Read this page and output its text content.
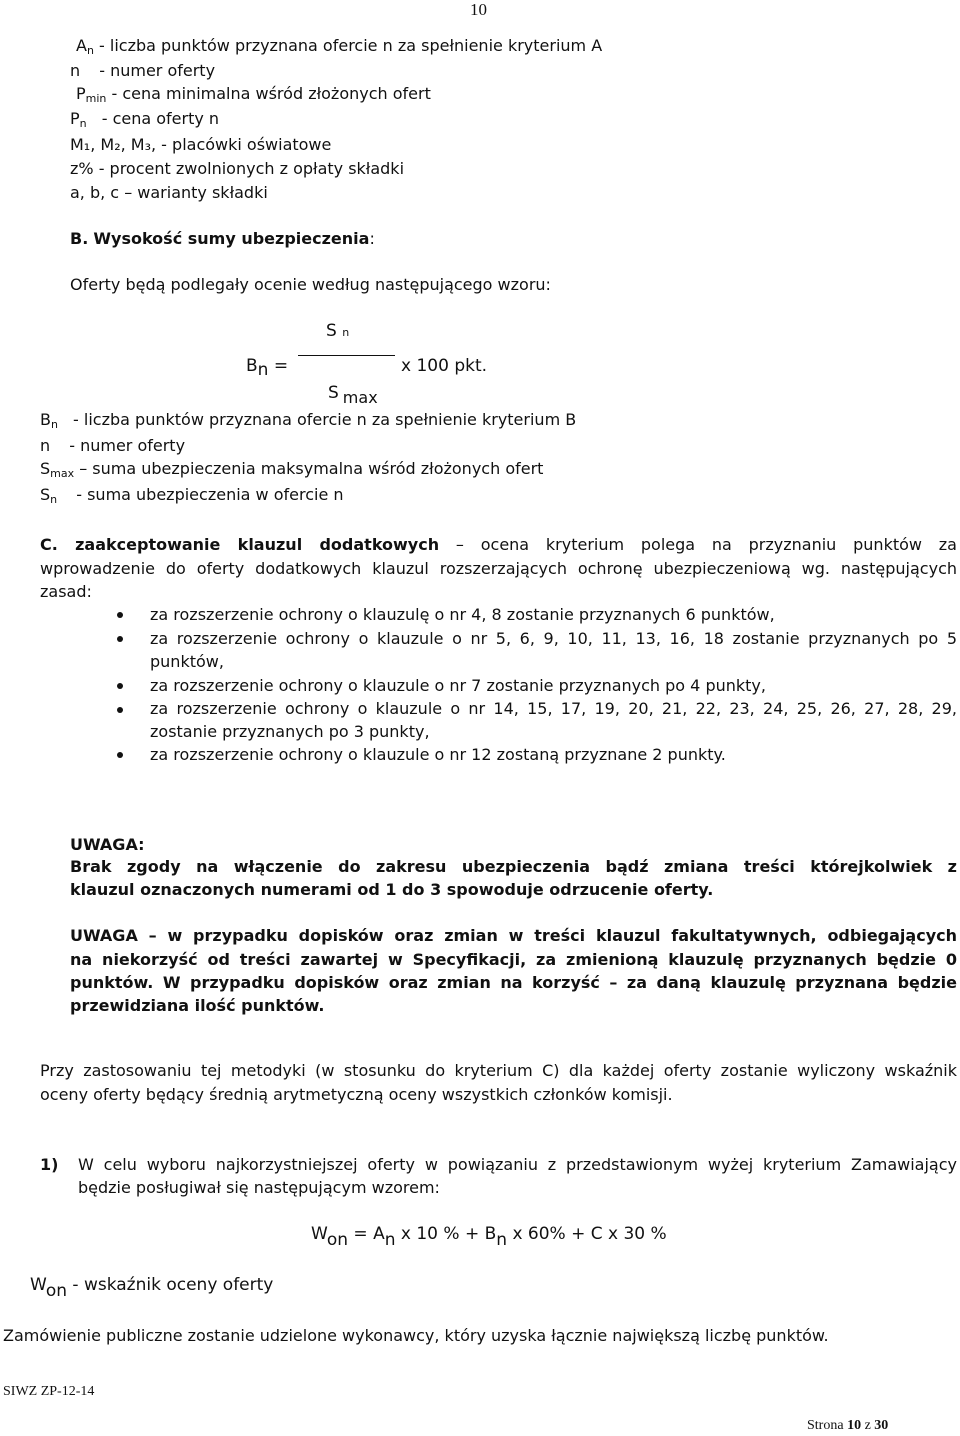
10
$A_n$ - liczba punktów przyznana ofercie n za spełnienie kryterium A
n - numer oferty
$P_{min}$ - cena minimalna wśród złożonych ofert
$P_n$ - cena oferty n
M₁, M₂, M₃, - placówki oświatowe
z% - procent zwolnionych z opłaty składki
a, b, c – warianty składki
B. Wysokość sumy ubezpieczenia:
Oferty będą podlegały ocenie według następującego wzoru:
S n
Bn =	x 100 pkt.
S max
$B_n$ - liczba punktów przyznana ofercie n za spełnienie kryterium B
n - numer oferty
$S_{max}$ – suma ubezpieczenia maksymalna wśród złożonych ofert
$S_n$ - suma ubezpieczenia w ofercie n
C. zaakceptowanie klauzul dodatkowych – ocena kryterium polega na przyznaniu punktów za
wprowadzenie do oferty dodatkowych klauzul rozszerzających ochronę ubezpieczeniową wg. następujących
zasad:
za rozszerzenie ochrony o klauzulę o nr 4, 8 zostanie przyznanych 6 punktów,
za rozszerzenie ochrony o klauzule o nr 5, 6, 9, 10, 11, 13, 16, 18 zostanie przyznanych po 5
punktów,
za rozszerzenie ochrony o klauzule o nr 7 zostanie przyznanych po 4 punkty,
za rozszerzenie ochrony o klauzule o nr 14, 15, 17, 19, 20, 21, 22, 23, 24, 25, 26, 27, 28, 29,
zostanie przyznanych po 3 punkty,
za rozszerzenie ochrony o klauzule o nr 12 zostaną przyznane 2 punkty.
UWAGA:
Brak zgody na włączenie do zakresu ubezpieczenia bądź zmiana treści którejkolwiek z
klauzul oznaczonych numerami od 1 do 3 spowoduje odrzucenie oferty.
UWAGA – w przypadku dopisków oraz zmian w treści klauzul fakultatywnych, odbiegających
na niekorzyść od treści zawartej w Specyfikacji, za zmienioną klauzulę przyznanych będzie 0
punktów. W przypadku dopisków oraz zmian na korzyść – za daną klauzulę przyznana będzie
przewidziana ilość punktów.
Przy zastosowaniu tej metodyki (w stosunku do kryterium C) dla każdej oferty zostanie wyliczony wskaźnik
oceny oferty będący średnią arytmetyczną oceny wszystkich członków komisji.
1) W celu wyboru najkorzystniejszej oferty w powiązaniu z przedstawionym wyżej kryterium Zamawiający
będzie posługiwał się następującym wzorem:
Won = An x 10 % + Bn x 60% + C x 30 %
Won - wskaźnik oceny oferty
Zamówienie publiczne zostanie udzielone wykonawcy, który uzyska łącznie największą liczbę punktów.
SIWZ ZP-12-14
Strona 10 z 30
